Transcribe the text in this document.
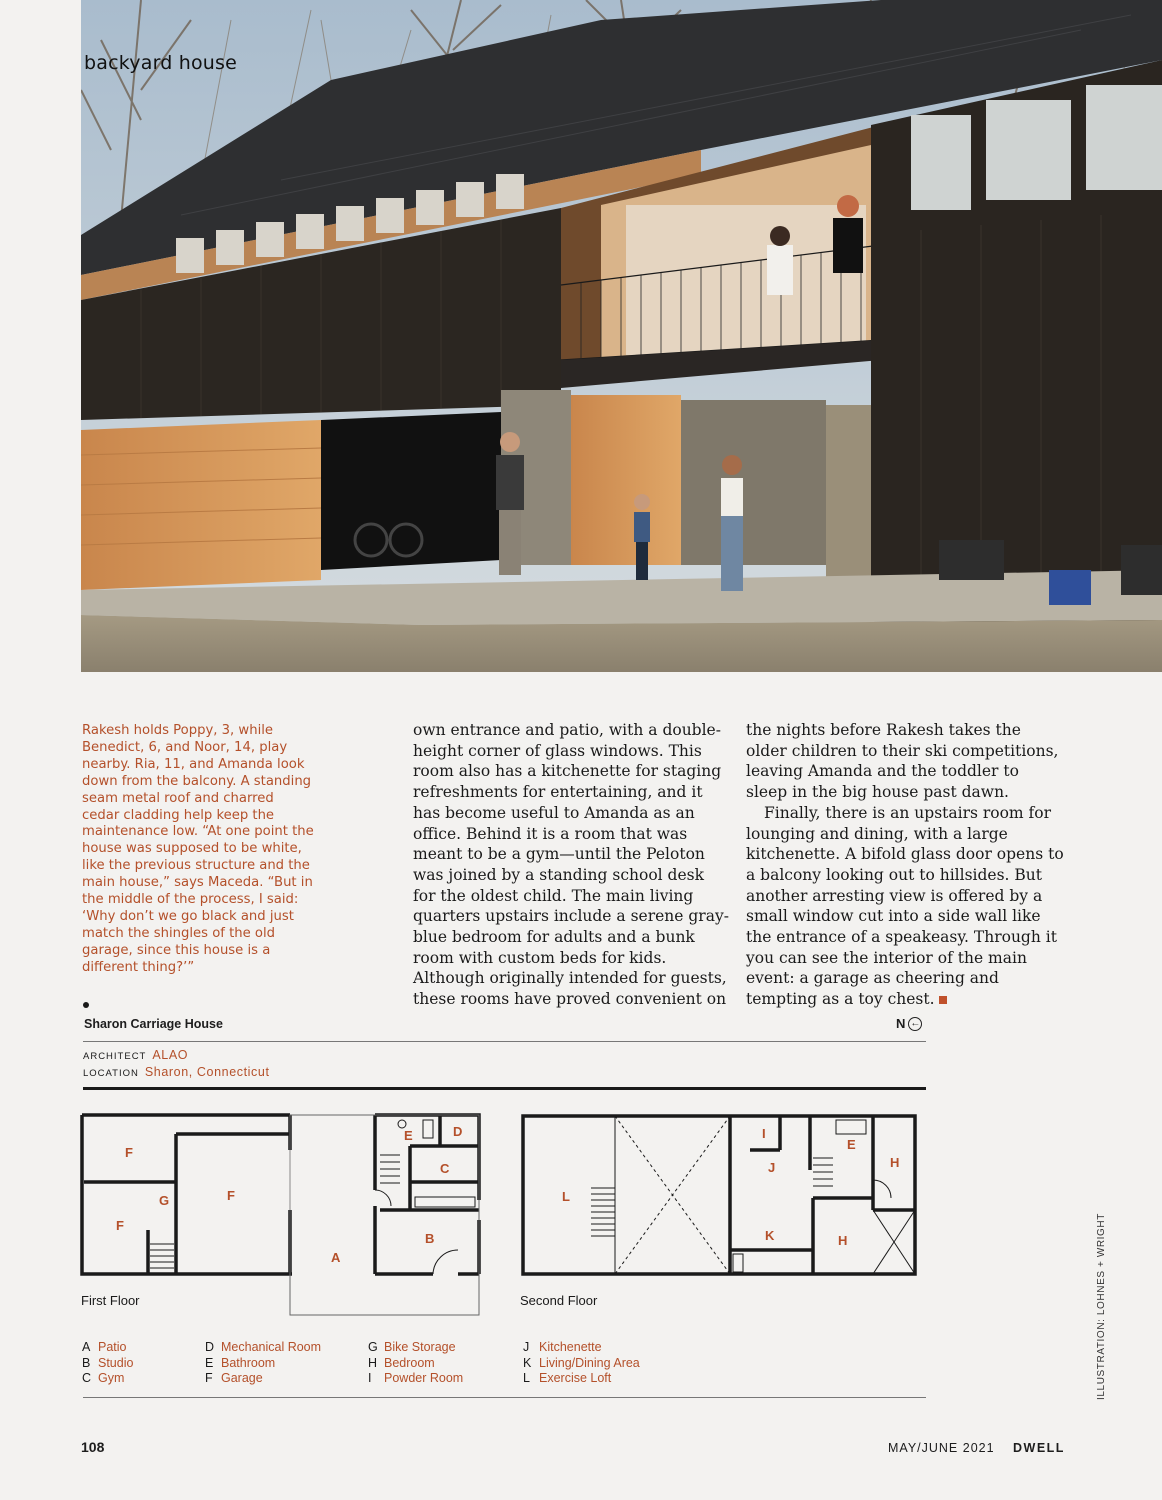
backyard house
Rakesh holds Poppy, 3, while Benedict, 6, and Noor, 14, play nearby. Ria, 11, and Amanda look down from the balcony. A standing seam metal roof and charred cedar cladding help keep the maintenance low. “At one point the house was supposed to be white, like the previous structure and the main house,” says Maceda. “But in the middle of the process, I said: ‘Why don’t we go black and just match the shingles of the old garage, since this house is a different thing?’”

own entrance and patio, with a double-height corner of glass windows. This room also has a kitchenette for staging refreshments for entertaining, and it has become useful to Amanda as an office. Behind it is a room that was meant to be a gym—until the Peloton was joined by a standing school desk for the oldest child. The main living quarters upstairs include a serene gray-blue bedroom for adults and a bunk room with custom beds for kids. Although originally intended for guests, these rooms have proved convenient on

the nights before Rakesh takes the older children to their ski competitions, leaving Amanda and the toddler to sleep in the big house past dawn.

Finally, there is an upstairs room for lounging and dining, with a large kitchenette. A bifold glass door opens to a balcony looking out to hillsides. But another arresting view is offered by a small window cut into a side wall like the entrance of a speakeasy. Through it you can see the interior of the main event: a garage as cheering and tempting as a toy chest.

Sharon Carriage House	N ←
ARCHITECT ALAO
LOCATION Sharon, Connecticut
F
F
G	F
A
E	D
C
B
First Floor
L
I
J
E
H
K	H
Second Floor
A Patio
B Studio
C Gym
D Mechanical Room
E Bathroom
F Garage
G Bike Storage
H Bedroom
I	Powder Room
J Kitchenette
K Living/Dining Area
L Exercise Loft	ILLUSTRATION: LOHNES + WRIGHT
108	MAY/JUNE 2021 DWELL
